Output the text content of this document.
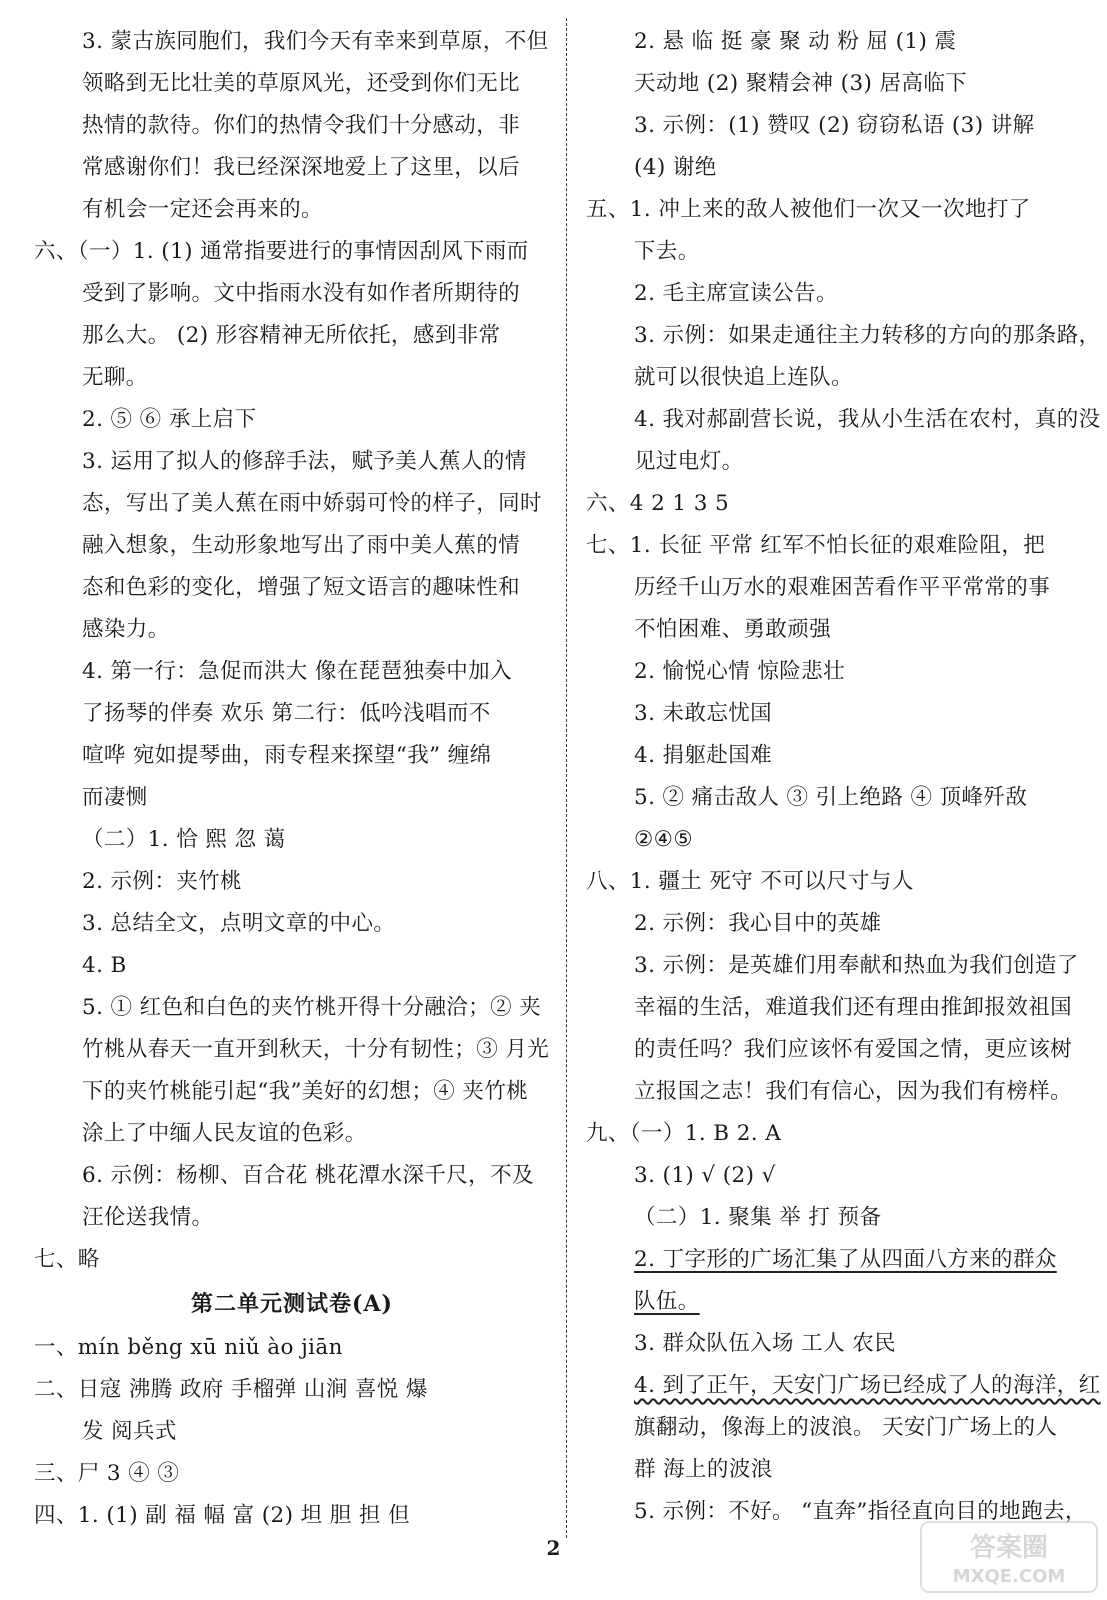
3. 蒙古族同胞们，我们今天有幸来到草原，不但
领略到无比壮美的草原风光，还受到你们无比
热情的款待。你们的热情令我们十分感动，非
常感谢你们！我已经深深地爱上了这里，以后
有机会一定还会再来的。
六、（一）1. (1) 通常指要进行的事情因刮风下雨而
受到了影响。文中指雨水没有如作者所期待的
那么大。 (2) 形容精神无所依托，感到非常
无聊。
2. ⑤ ⑥ 承上启下
3. 运用了拟人的修辞手法，赋予美人蕉人的情
态，写出了美人蕉在雨中娇弱可怜的样子，同时
融入想象，生动形象地写出了雨中美人蕉的情
态和色彩的变化，增强了短文语言的趣味性和
感染力。
4. 第一行：急促而洪大 像在琵琶独奏中加入
了扬琴的伴奏 欢乐 第二行：低吟浅唱而不
喧哗 宛如提琴曲，雨专程来探望“我” 缠绵
而凄恻
（二）1. 恰 熙 忽 蔼
2. 示例：夹竹桃
3. 总结全文，点明文章的中心。
4. B
5. ① 红色和白色的夹竹桃开得十分融洽；② 夹
竹桃从春天一直开到秋天，十分有韧性；③ 月光
下的夹竹桃能引起“我”美好的幻想；④ 夹竹桃
涂上了中缅人民友谊的色彩。
6. 示例：杨柳、百合花 桃花潭水深千尺，不及
汪伦送我情。
七、略
第二单元测试卷(A)
一、mín běng xū niǔ ào jiān
二、日寇 沸腾 政府 手榴弹 山涧 喜悦 爆
发 阅兵式
三、尸 3 ④ ③
四、1. (1) 副 福 幅 富 (2) 坦 胆 担 但
2. 悬 临 挺 豪 聚 动 粉 屈 (1) 震
天动地 (2) 聚精会神 (3) 居高临下
3. 示例：(1) 赞叹 (2) 窃窃私语 (3) 讲解
(4) 谢绝
五、1. 冲上来的敌人被他们一次又一次地打了
下去。
2. 毛主席宣读公告。
3. 示例：如果走通往主力转移的方向的那条路，
就可以很快追上连队。
4. 我对郝副营长说，我从小生活在农村，真的没
见过电灯。
六、4 2 1 3 5
七、1. 长征 平常 红军不怕长征的艰难险阻，把
历经千山万水的艰难困苦看作平平常常的事
不怕困难、勇敢顽强
2. 愉悦心情 惊险悲壮
3. 未敢忘忧国
4. 捐躯赴国难
5. ② 痛击敌人 ③ 引上绝路 ④ 顶峰歼敌
②④⑤
八、1. 疆土 死守 不可以尺寸与人
2. 示例：我心目中的英雄
3. 示例：是英雄们用奉献和热血为我们创造了
幸福的生活，难道我们还有理由推卸报效祖国
的责任吗？我们应该怀有爱国之情，更应该树
立报国之志！我们有信心，因为我们有榜样。
九、（一）1. B 2. A
3. (1) √ (2) √
（二）1. 聚集 举 打 预备
2. 丁字形的广场汇集了从四面八方来的群众
队伍。
3. 群众队伍入场 工人 农民
4. 到了正午，天安门广场已经成了人的海洋，红
旗翻动，像海上的波浪。 天安门广场上的人
群 海上的波浪
5. 示例：不好。 “直奔”指径直向目的地跑去，
2	答案圈
MXQE.COM
